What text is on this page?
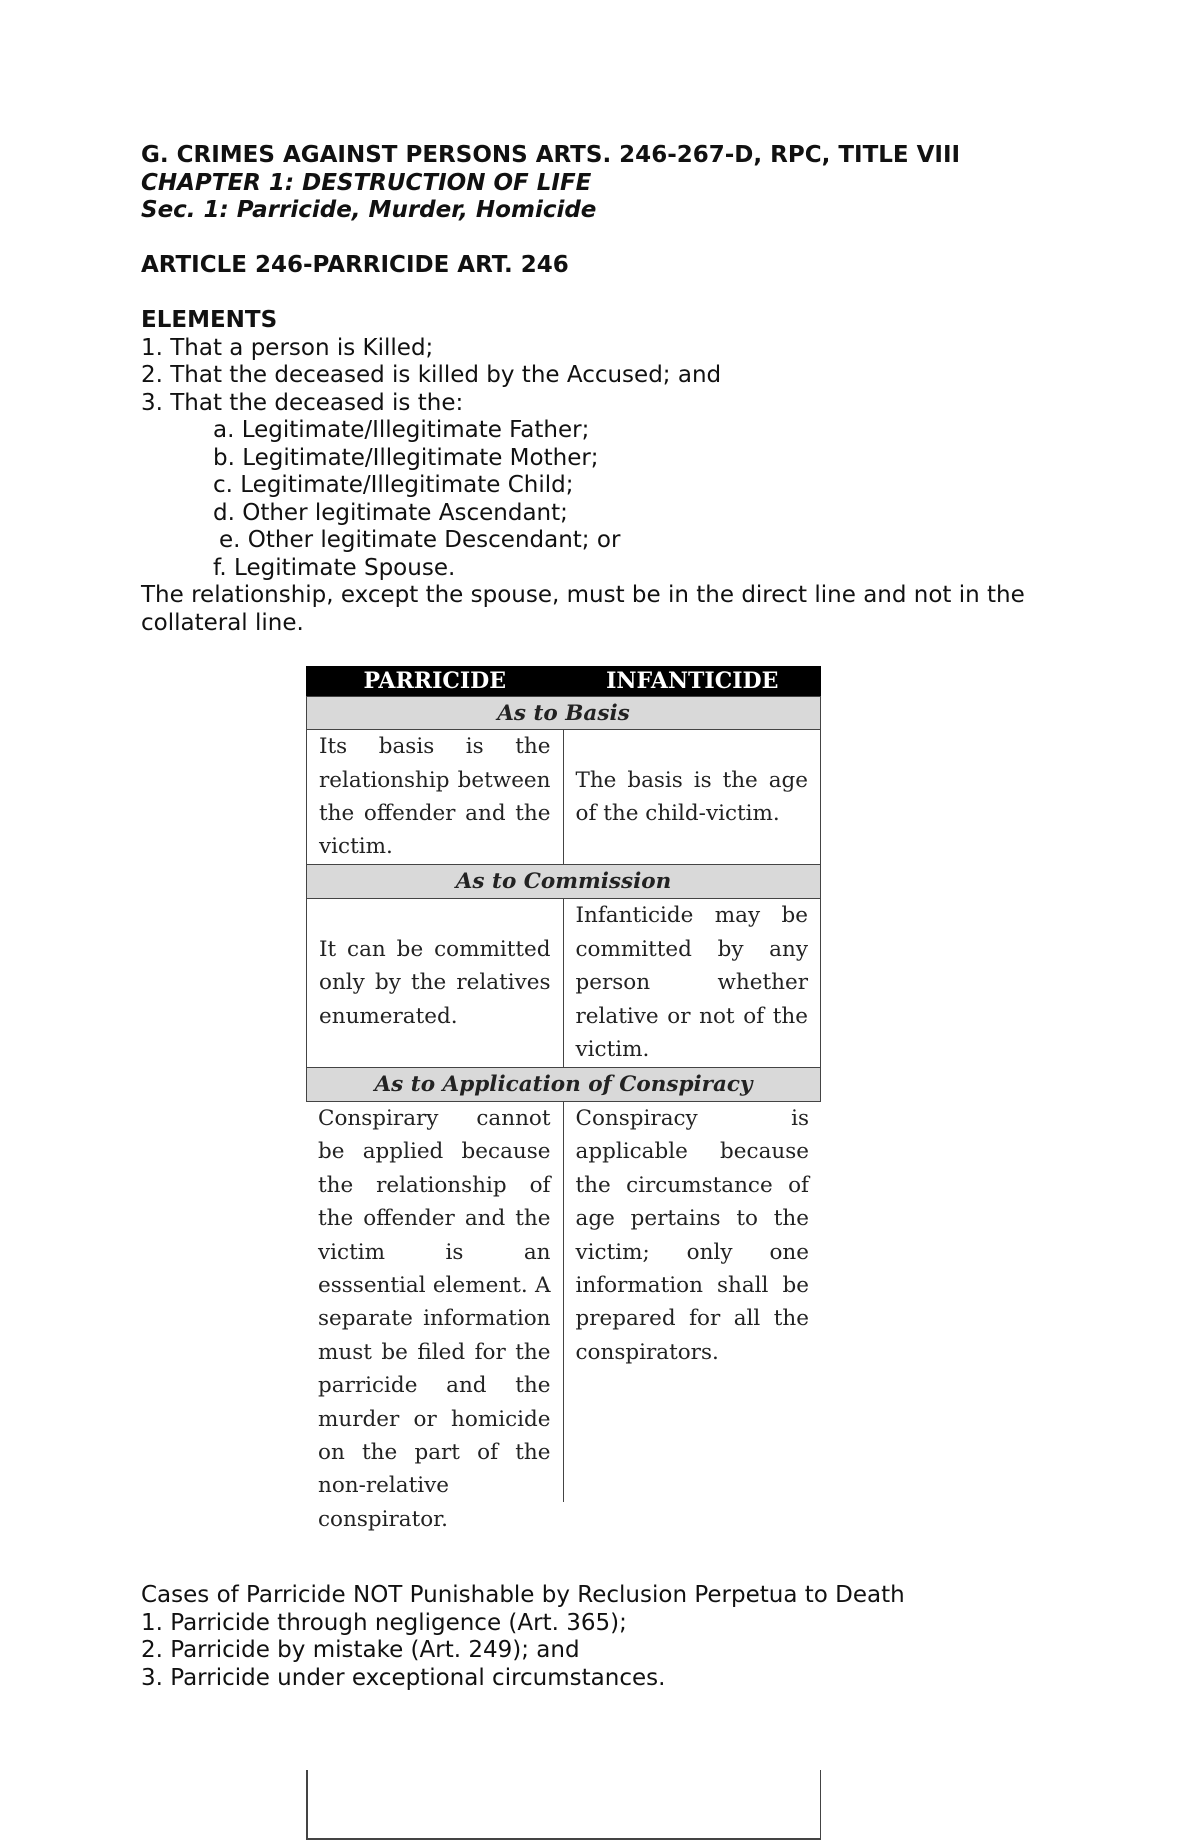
G. CRIMES AGAINST PERSONS ARTS. 246-267-D, RPC, TITLE VIII
CHAPTER 1: DESTRUCTION OF LIFE
Sec. 1: Parricide, Murder, Homicide
ARTICLE 246-PARRICIDE ART. 246
ELEMENTS
1. That a person is Killed;
2. That the deceased is killed by the Accused; and
3. That the deceased is the:
a. Legitimate/Illegitimate Father;
b. Legitimate/Illegitimate Mother;
c. Legitimate/Illegitimate Child;
d. Other legitimate Ascendant;
e. Other legitimate Descendant; or
f. Legitimate Spouse.
The relationship, except the spouse, must be in the direct line and not in the collateral line.
PARRICIDE	INFANTICIDE
As to Basis
Its basis is the relationship between the offender and the victim.
The basis is the age of the child-victim.
As to Commission
It can be committed only by the relatives enumerated.
Infanticide may be committed by any person whether relative or not of the victim.
As to Application of Conspiracy
Conspirary cannot be applied because the relationship of the offender and the victim is an esssential element. A separate information must be filed for the parricide and the murder or homicide on the part of the non-relative conspirator.
Conspiracy is applicable because the circumstance of age pertains to the victim; only one information shall be prepared for all the conspirators.
Cases of Parricide NOT Punishable by Reclusion Perpetua to Death
1. Parricide through negligence (Art. 365);
2. Parricide by mistake (Art. 249); and
3. Parricide under exceptional circumstances.
